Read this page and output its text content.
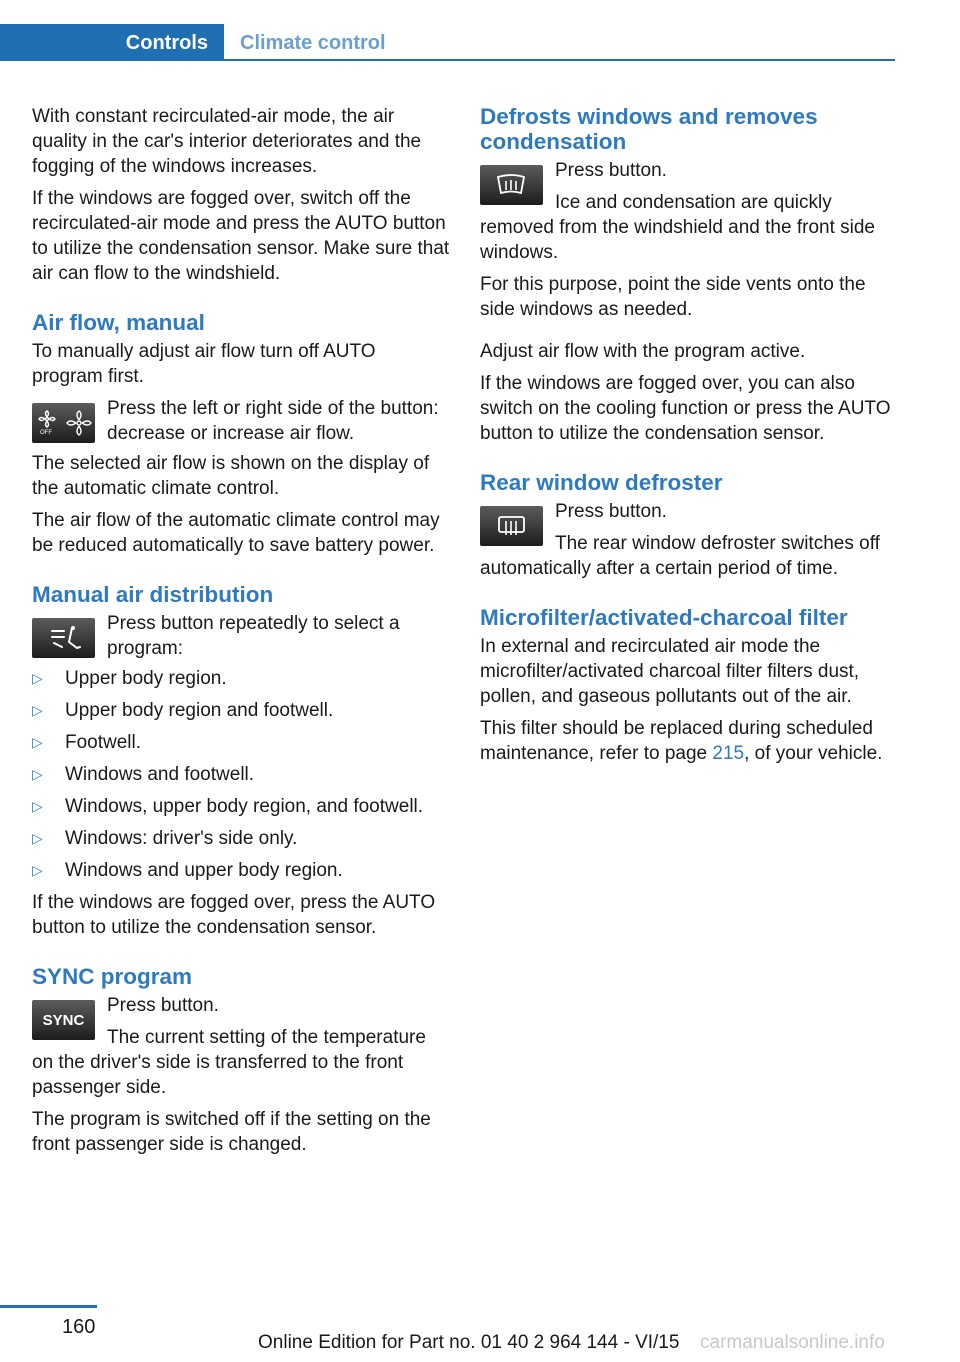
Controls Climate control

With constant recirculated-air mode, the air quality in the car's interior deteriorates and the fogging of the windows increases.

If the windows are fogged over, switch off the recirculated-air mode and press the AUTO button to utilize the condensation sensor. Make sure that air can flow to the windshield.

Air flow, manual

To manually adjust air flow turn off AUTO program first.

OFF

Press the left or right side of the button: decrease or increase air flow.

The selected air flow is shown on the display of the automatic climate control.

The air flow of the automatic climate control may be reduced automatically to save battery power.

Manual air distribution

Press button repeatedly to select a program:

▷ Upper body region.
▷ Upper body region and footwell.
▷ Footwell.
▷ Windows and footwell.
▷ Windows, upper body region, and footwell.
▷ Windows: driver's side only.
▷ Windows and upper body region.

If the windows are fogged over, press the AUTO button to utilize the condensation sensor.

SYNC program
SYNC

Press button.

The current setting of the temperature on the driver's side is transferred to the front passenger side.

The program is switched off if the setting on the front passenger side is changed.

Defrosts windows and removes condensation

Press button.

Ice and condensation are quickly removed from the windshield and the front side windows.

For this purpose, point the side vents onto the side windows as needed.

Adjust air flow with the program active.

If the windows are fogged over, you can also switch on the cooling function or press the AUTO button to utilize the condensation sensor.

Rear window defroster

Press button.

The rear window defroster switches off automatically after a certain period of time.

Microfilter/activated-charcoal filter

In external and recirculated air mode the microfilter/activated charcoal filter filters dust, pollen, and gaseous pollutants out of the air.

This filter should be replaced during scheduled maintenance, refer to page 215, of your vehicle.

160
Online Edition for Part no. 01 40 2 964 144 - VI/15 carmanualsonline.info
